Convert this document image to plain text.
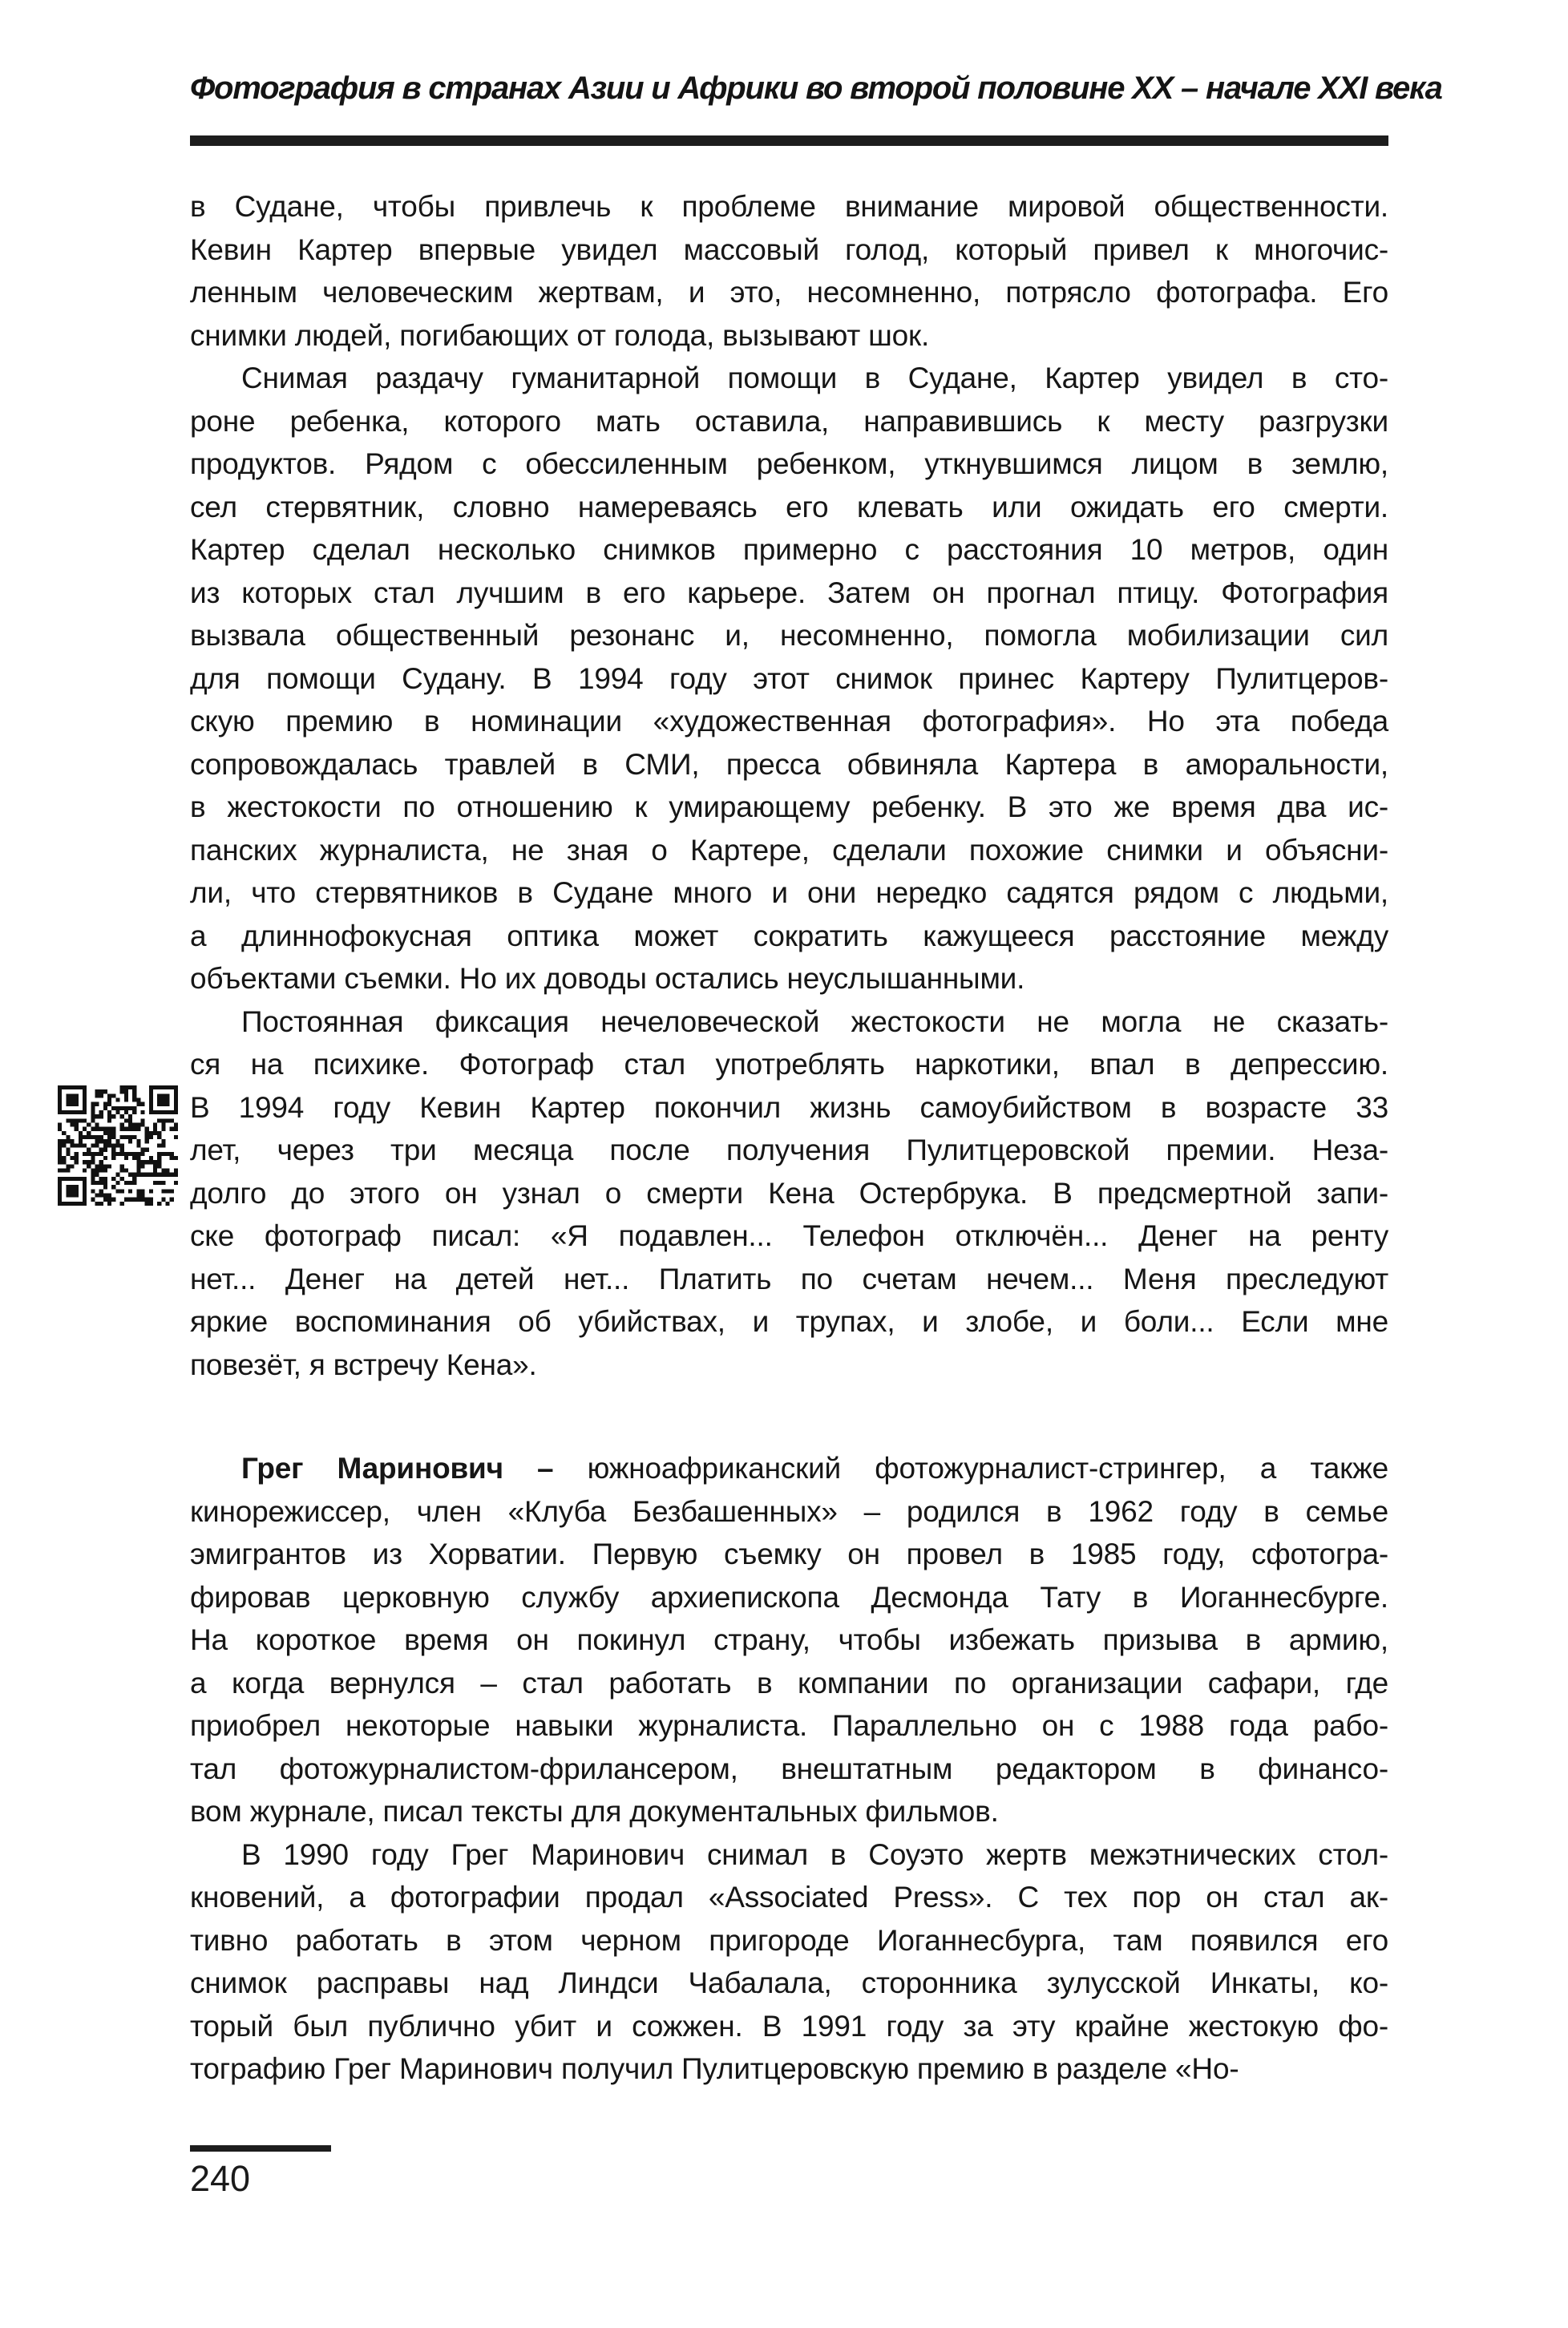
Фотография в странах Азии и Африки во второй половине XX – начале XXI века
в Судане, чтобы привлечь к проблеме внимание мировой общественности.
Кевин Картер впервые увидел массовый голод, который привел к многочис-
ленным человеческим жертвам, и это, несомненно, потрясло фотографа. Его
снимки людей, погибающих от голода, вызывают шок.
Снимая раздачу гуманитарной помощи в Судане, Картер увидел в сто-
роне ребенка, которого мать оставила, направившись к месту разгрузки
продуктов. Рядом с обессиленным ребенком, уткнувшимся лицом в землю,
сел стервятник, словно намереваясь его клевать или ожидать его смерти.
Картер сделал несколько снимков примерно с расстояния 10 метров, один
из которых стал лучшим в его карьере. Затем он прогнал птицу. Фотография
вызвала общественный резонанс и, несомненно, помогла мобилизации сил
для помощи Судану. В 1994 году этот снимок принес Картеру Пулитцеров-
скую премию в номинации «художественная фотография». Но эта победа
сопровождалась травлей в СМИ, пресса обвиняла Картера в аморальности,
в жестокости по отношению к умирающему ребенку. В это же время два ис-
панских журналиста, не зная о Картере, сделали похожие снимки и объясни-
ли, что стервятников в Судане много и они нередко садятся рядом с людьми,
а длиннофокусная оптика может сократить кажущееся расстояние между
объектами съемки. Но их доводы остались неуслышанными.
Постоянная фиксация нечеловеческой жестокости не могла не сказать-
ся на психике. Фотограф стал употреблять наркотики, впал в депрессию.
В 1994 году Кевин Картер покончил жизнь самоубийством в возрасте 33
лет, через три месяца после получения Пулитцеровской премии. Неза-
долго до этого он узнал о смерти Кена Остербрука. В предсмертной запи-
ске фотограф писал: «Я подавлен... Телефон отключён... Денег на ренту
нет... Денег на детей нет... Платить по счетам нечем... Меня преследуют
яркие воспоминания об убийствах, и трупах, и злобе, и боли... Если мне
повезёт, я встречу Кена».
Грег Маринович – южноафриканский фотожурналист-стрингер, а также
кинорежиссер, член «Клуба Безбашенных» – родился в 1962 году в семье
эмигрантов из Хорватии. Первую съемку он провел в 1985 году, сфотогра-
фировав церковную службу архиепископа Десмонда Тату в Иоганнесбурге.
На короткое время он покинул страну, чтобы избежать призыва в армию,
а когда вернулся – стал работать в компании по организации сафари, где
приобрел некоторые навыки журналиста. Параллельно он с 1988 года рабо-
тал фотожурналистом-фрилансером, внештатным редактором в финансо-
вом журнале, писал тексты для документальных фильмов.
В 1990 году Грег Маринович снимал в Соуэто жертв межэтнических стол-
кновений, а фотографии продал «Associated Press». С тех пор он стал ак-
тивно работать в этом черном пригороде Иоганнесбурга, там появился его
снимок расправы над Линдси Чабалала, сторонника зулусской Инкаты, ко-
торый был публично убит и сожжен. В 1991 году за эту крайне жестокую фо-
тографию Грег Маринович получил Пулитцеровскую премию в разделе «Но-
240
